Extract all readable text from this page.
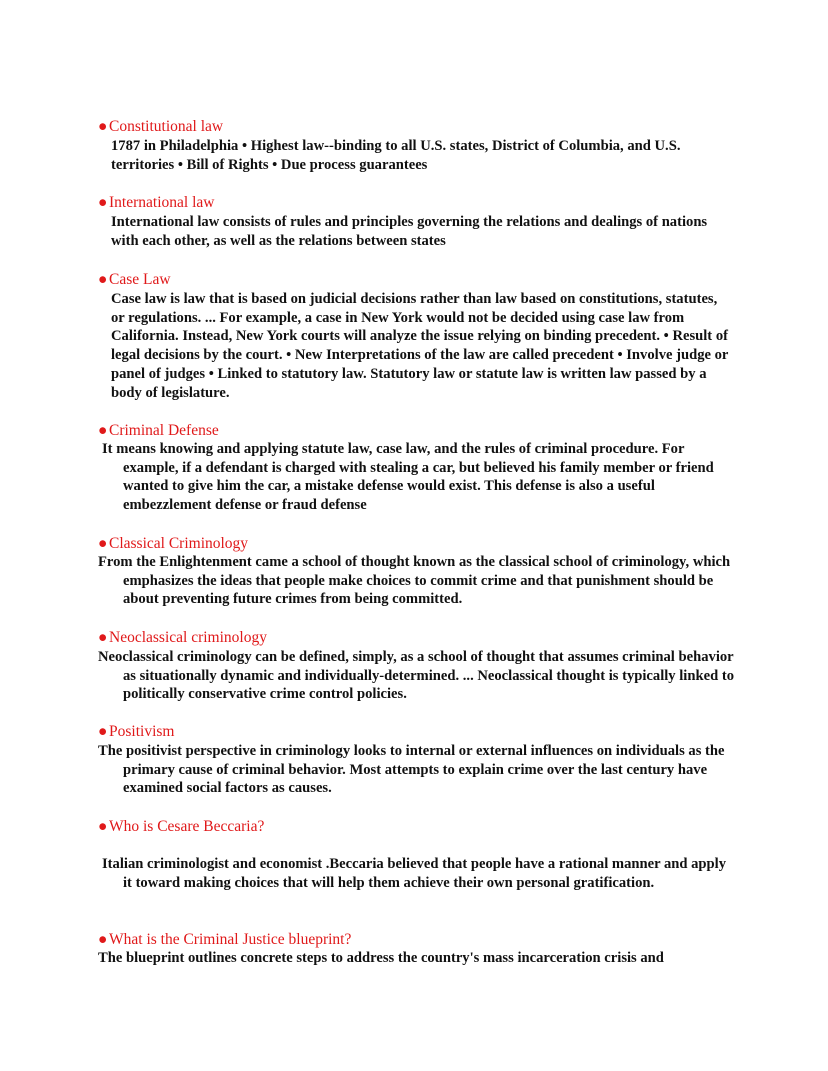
● Constitutional law
1787 in Philadelphia • Highest law--binding to all U.S. states, District of Columbia, and U.S. territories • Bill of Rights • Due process guarantees
● International law
International law consists of rules and principles governing the relations and dealings of nations with each other, as well as the relations between states
● Case Law
Case law is law that is based on judicial decisions rather than law based on constitutions, statutes, or regulations. ... For example, a case in New York would not be decided using case law from California. Instead, New York courts will analyze the issue relying on binding precedent. • Result of legal decisions by the court. • New Interpretations of the law are called precedent • Involve judge or panel of judges • Linked to statutory law. Statutory law or statute law is written law passed by a body of legislature.
● Criminal Defense
It means knowing and applying statute law, case law, and the rules of criminal procedure. For example, if a defendant is charged with stealing a car, but believed his family member or friend wanted to give him the car, a mistake defense would exist. This defense is also a useful embezzlement defense or fraud defense
● Classical Criminology
From the Enlightenment came a school of thought known as the classical school of criminology, which emphasizes the ideas that people make choices to commit crime and that punishment should be about preventing future crimes from being committed.
● Neoclassical criminology
Neoclassical criminology can be defined, simply, as a school of thought that assumes criminal behavior as situationally dynamic and individually-determined. ... Neoclassical thought is typically linked to politically conservative crime control policies.
● Positivism
The positivist perspective in criminology looks to internal or external influences on individuals as the primary cause of criminal behavior. Most attempts to explain crime over the last century have examined social factors as causes.
● Who is Cesare Beccaria?
Italian criminologist and economist .Beccaria believed that people have a rational manner and apply it toward making choices that will help them achieve their own personal gratification.
● What is the Criminal Justice blueprint?
The blueprint outlines concrete steps to address the country's mass incarceration crisis and
